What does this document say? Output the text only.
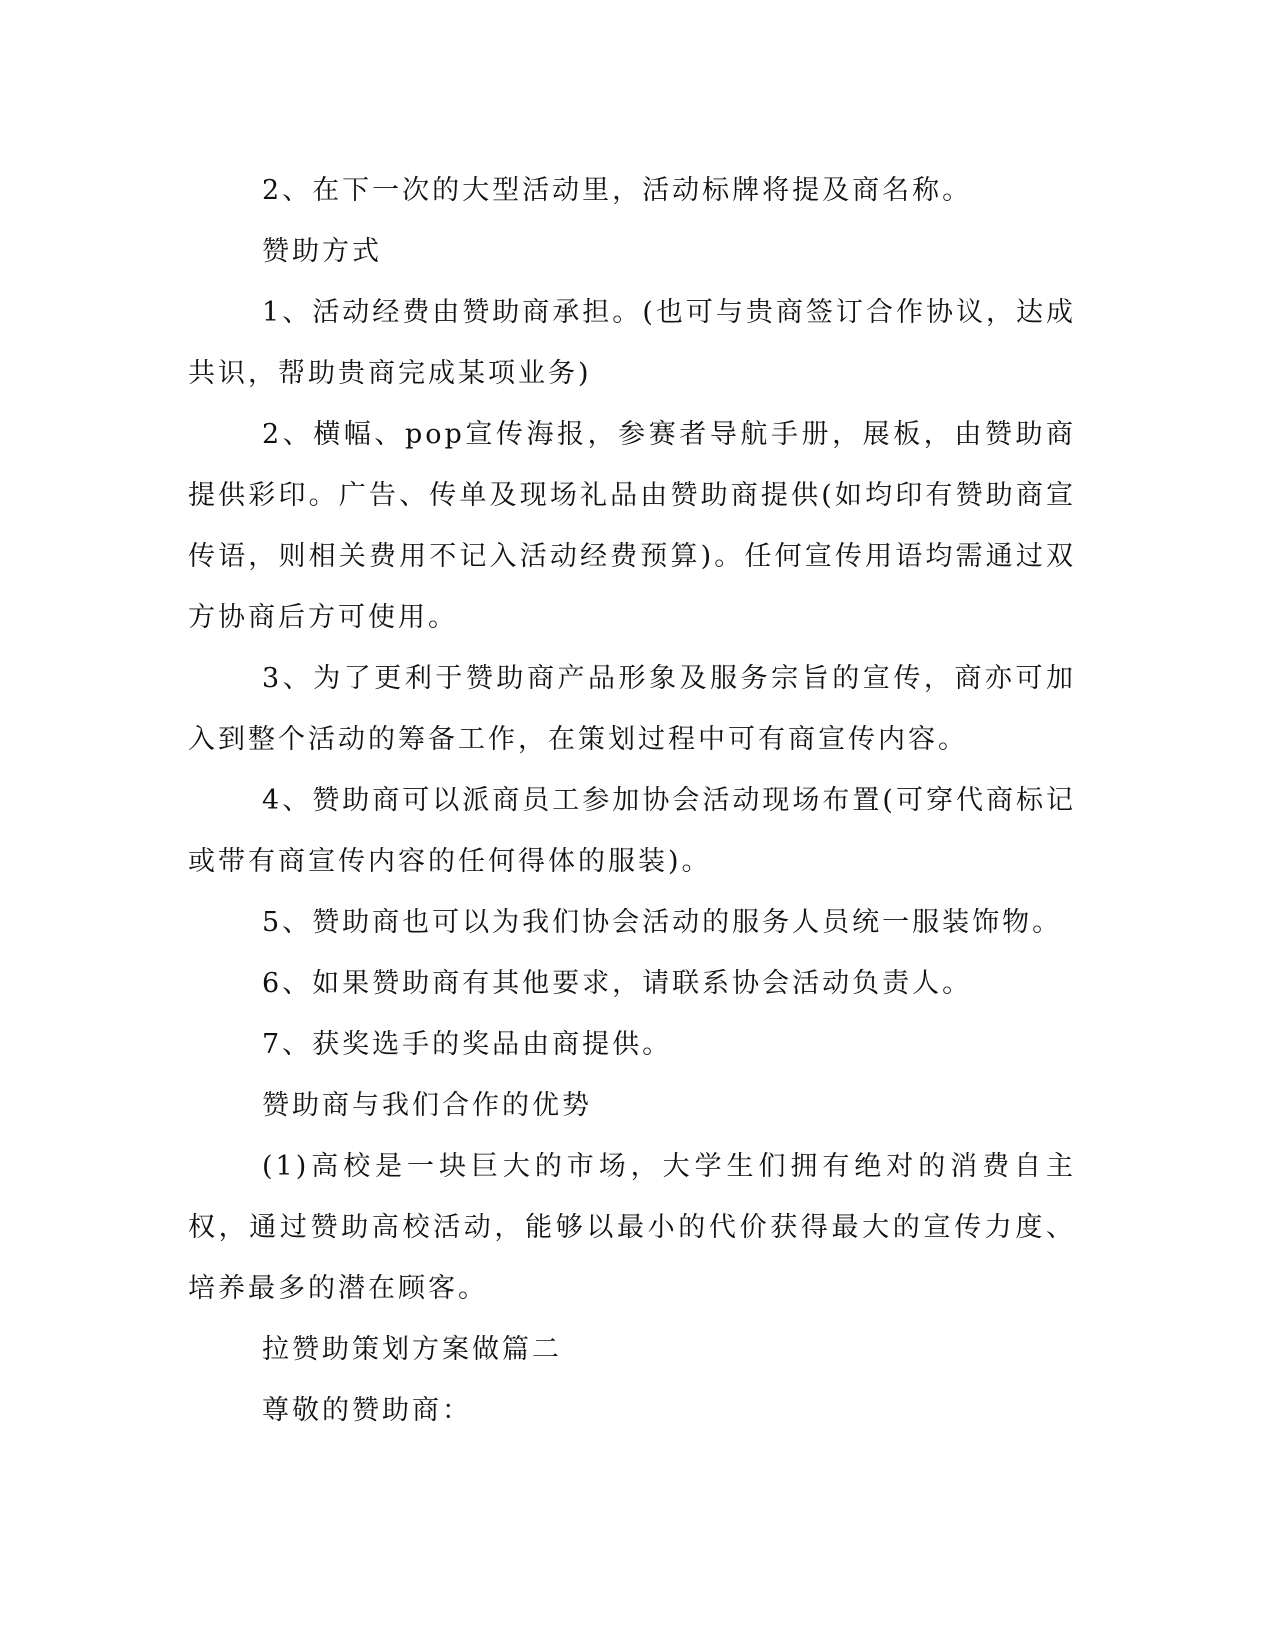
2、在下一次的大型活动里，活动标牌将提及商名称。

赞助方式

1、活动经费由赞助商承担。(也可与贵商签订合作协议，达成共识，帮助贵商完成某项业务)

2、横幅、pop宣传海报，参赛者导航手册，展板，由赞助商提供彩印。广告、传单及现场礼品由赞助商提供(如均印有赞助商宣传语，则相关费用不记入活动经费预算)。任何宣传用语均需通过双方协商后方可使用。

3、为了更利于赞助商产品形象及服务宗旨的宣传，商亦可加入到整个活动的筹备工作，在策划过程中可有商宣传内容。

4、赞助商可以派商员工参加协会活动现场布置(可穿代商标记或带有商宣传内容的任何得体的服装)。

5、赞助商也可以为我们协会活动的服务人员统一服装饰物。

6、如果赞助商有其他要求，请联系协会活动负责人。

7、获奖选手的奖品由商提供。

赞助商与我们合作的优势

(1)高校是一块巨大的市场，大学生们拥有绝对的消费自主权，通过赞助高校活动，能够以最小的代价获得最大的宣传力度、培养最多的潜在顾客。

拉赞助策划方案做篇二

尊敬的赞助商：
